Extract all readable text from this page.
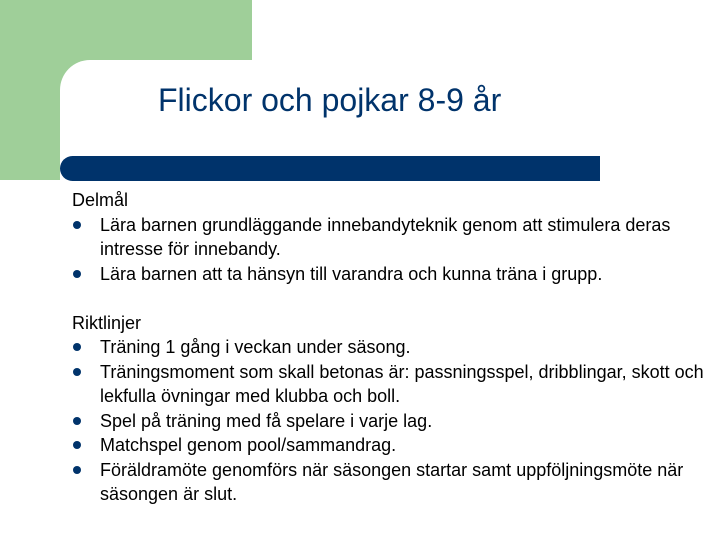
Flickor och pojkar 8-9 år
Delmål
Lära barnen grundläggande innebandyteknik genom att stimulera deras intresse för innebandy.
Lära barnen att ta hänsyn till varandra och kunna träna i grupp.
Riktlinjer
Träning 1 gång i veckan under säsong.
Träningsmoment som skall betonas är: passningsspel, dribblingar, skott och lekfulla övningar med klubba och boll.
Spel på träning med få spelare i varje lag.
Matchspel genom pool/sammandrag.
Föräldramöte genomförs när säsongen startar samt uppföljningsmöte när säsongen är slut.
